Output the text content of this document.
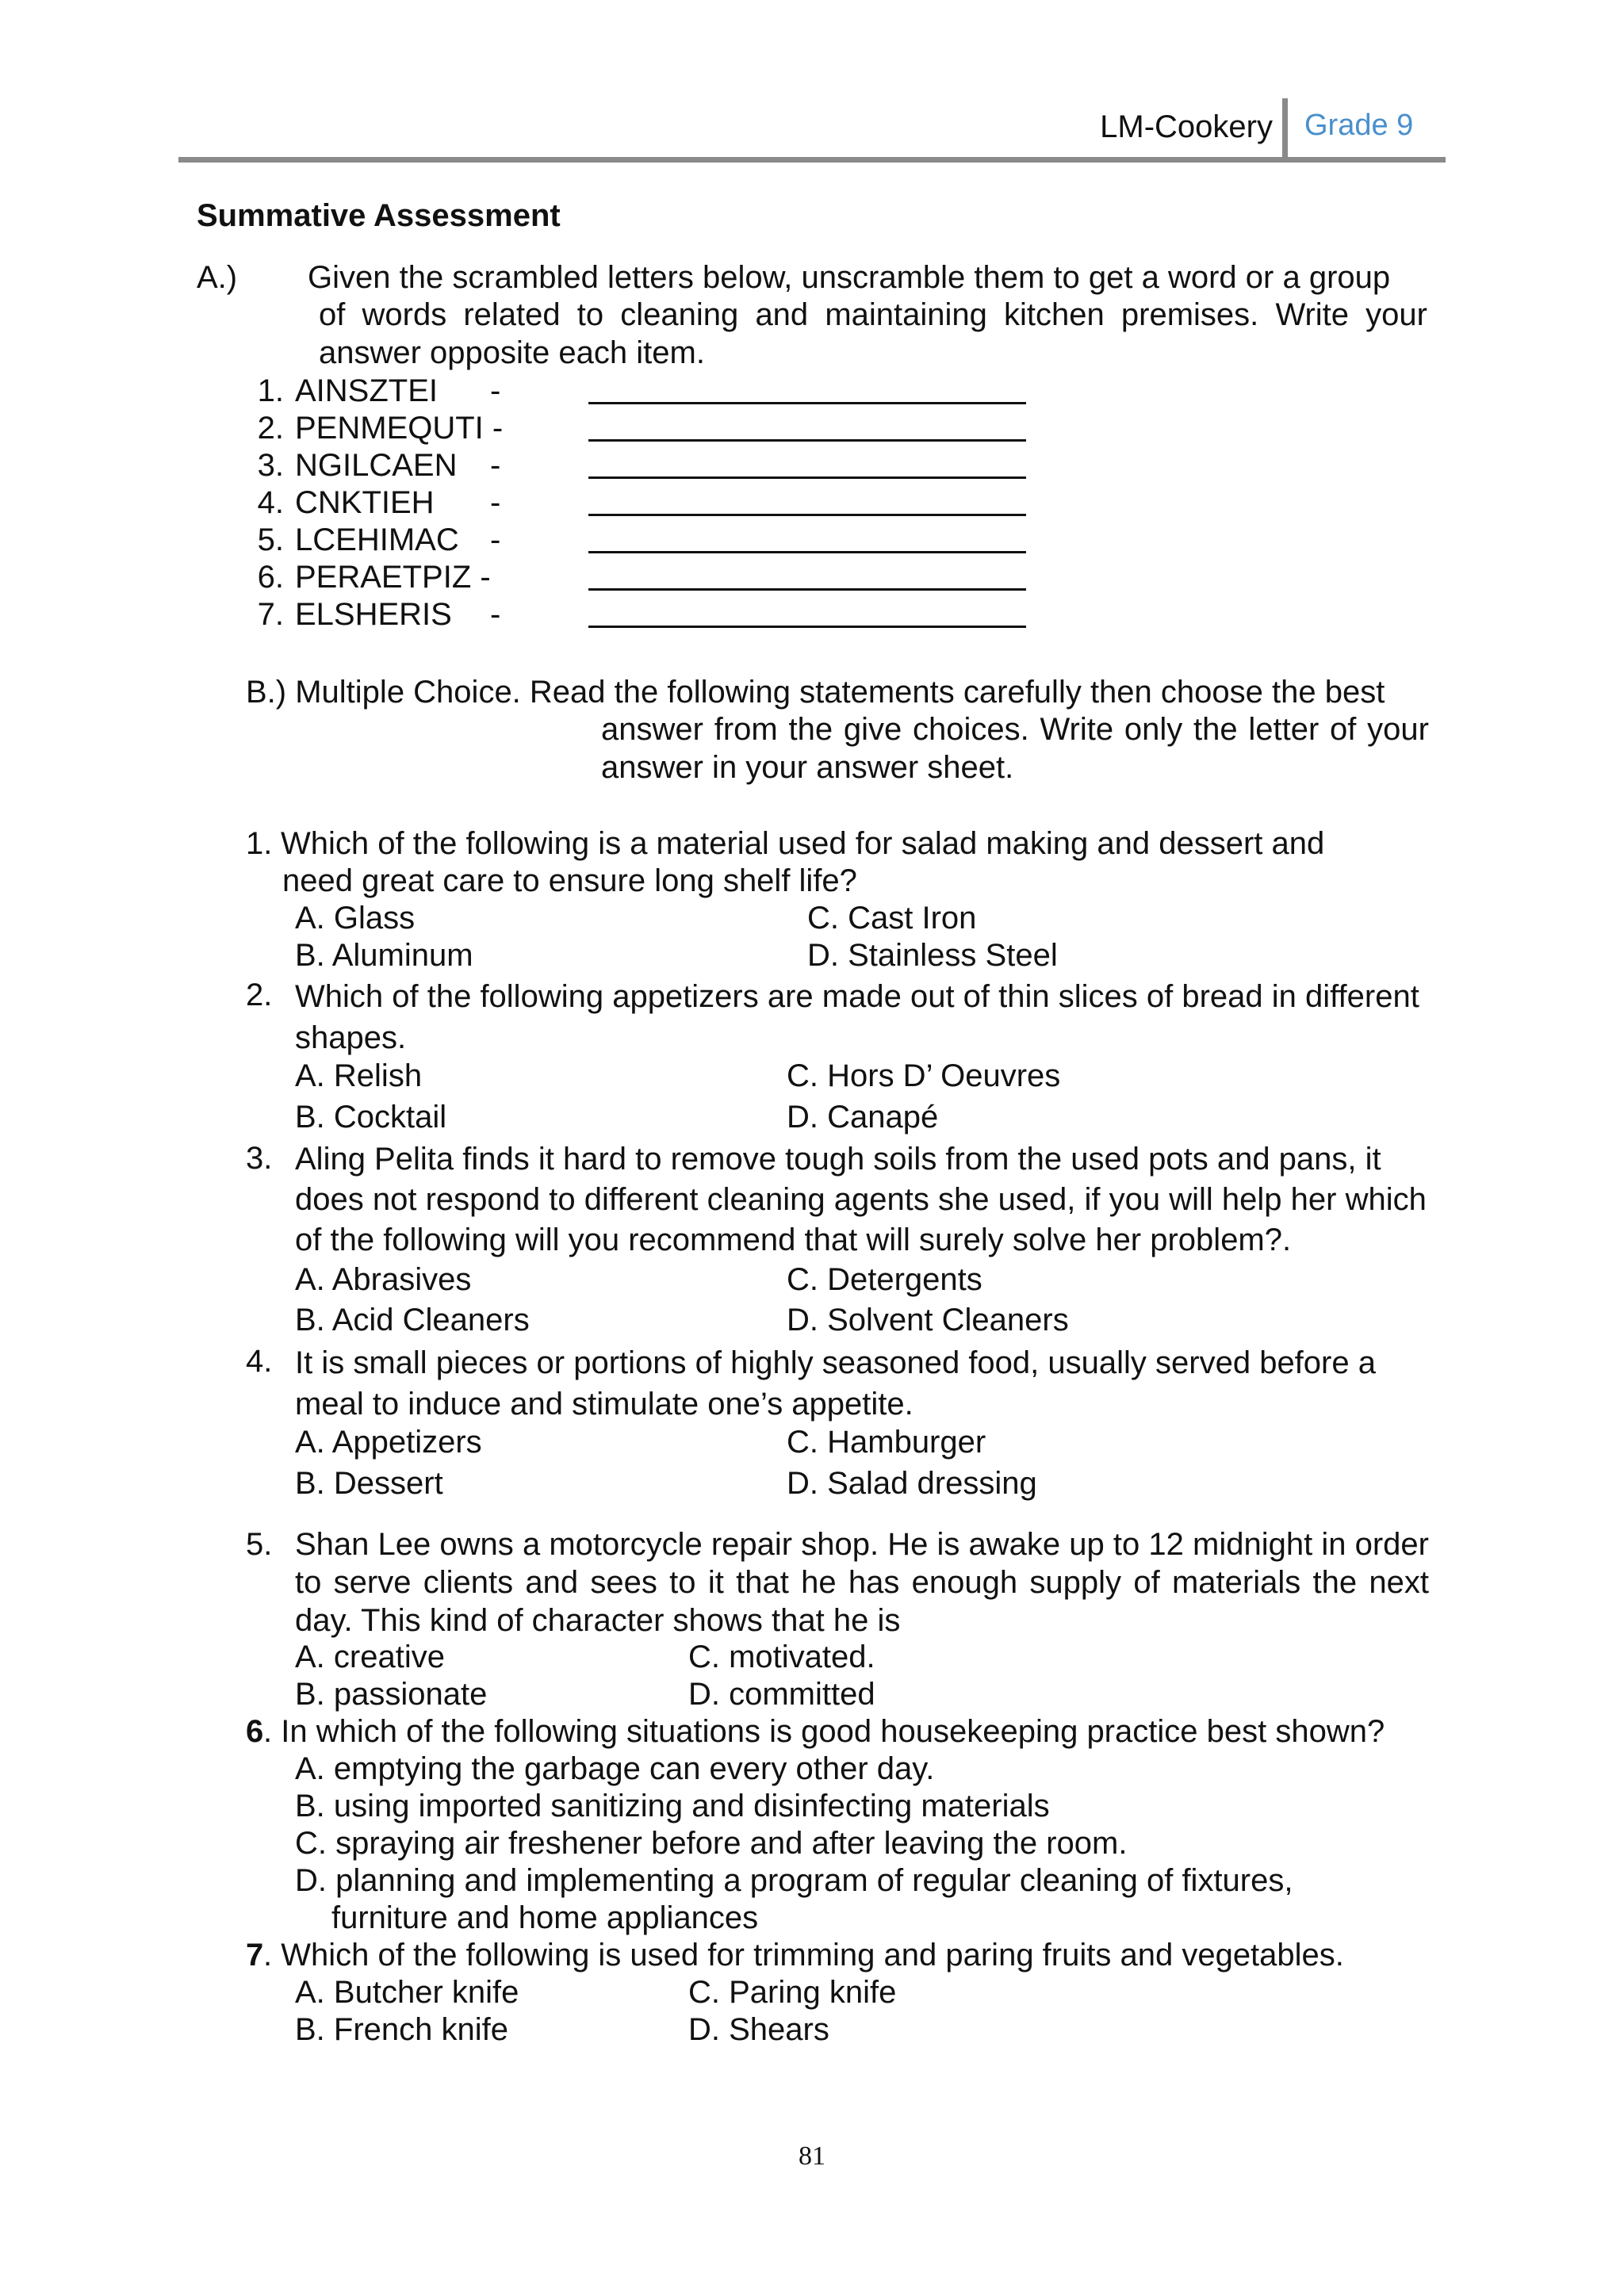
LM-Cookery Grade 9
Summative Assessment
A.) Given the scrambled letters below, unscramble them to get a word or a group
of words related to cleaning and maintaining kitchen premises. Write your answer opposite each item.
1. AINSZTEI -
2. PENMEQUTI -
3. NGILCAEN -
4. CNKTIEH -
5. LCEHIMAC -
6. PERAETPIZ -
7. ELSHERIS -
B.) Multiple Choice. Read the following statements carefully then choose the best
answer from the give choices. Write only the letter of your answer in your answer sheet.
1. Which of the following is a material used for salad making and dessert and
need great care to ensure long shelf life?
A. Glass	C. Cast Iron
B. Aluminum	D. Stainless Steel
2. Which of the following appetizers are made out of thin slices of bread in different shapes.
A. Relish	C. Hors D’ Oeuvres
B. Cocktail	D. Canapé
3. Aling Pelita finds it hard to remove tough soils from the used pots and pans, it does not respond to different cleaning agents she used, if you will help her which of the following will you recommend that will surely solve her problem?.
A. Abrasives	C. Detergents
B. Acid Cleaners	D. Solvent Cleaners
4. It is small pieces or portions of highly seasoned food, usually served before a meal to induce and stimulate one’s appetite.
A. Appetizers	C. Hamburger
B. Dessert	D. Salad dressing
5. Shan Lee owns a motorcycle repair shop. He is awake up to 12 midnight in order to serve clients and sees to it that he has enough supply of materials the next day. This kind of character shows that he is
A. creative	C. motivated.
B. passionate	D. committed
6 . In which of the following situations is good housekeeping practice best shown?
A. emptying the garbage can every other day.
B. using imported sanitizing and disinfecting materials
C. spraying air freshener before and after leaving the room.
D. planning and implementing a program of regular cleaning of fixtures,
furniture and home appliances
7 . Which of the following is used for trimming and paring fruits and vegetables.
A. Butcher knife	C. Paring knife
B. French knife	D. Shears
81
